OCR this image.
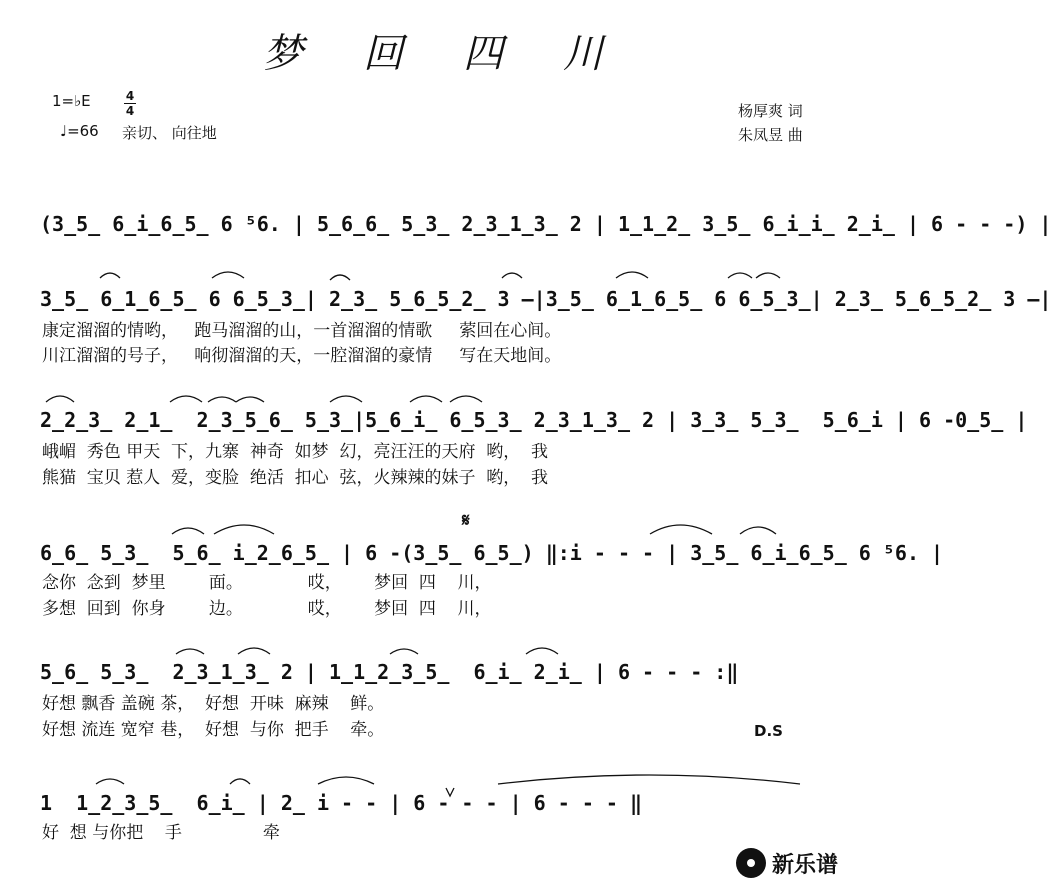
梦 回 四 川
1=♭E	4
4
♩=66 亲切、 向往地
杨厚爽 词
朱凤昱 曲
(3̲5̲ 6̲i̲6̲5̲ 6 ⁵6. | 5̲6̲6̲ 5̲3̲ 2̲3̲1̲3̲ 2 | 1̲1̲2̲ 3̲5̲ 6̲i̲i̲ 2̲i̲ | 6 - - -) |
3̲5̲ 6̲1̲6̲5̲ 6 6̲5̲3̲| 2̲3̲ 5̲6̲5̲2̲ 3 ‒|3̲5̲ 6̲1̲6̲5̲ 6 6̲5̲3̲| 2̲3̲ 5̲6̲5̲2̲ 3 ‒|
康定溜溜的情哟，   跑马溜溜的山，一首溜溜的情歌     萦回在心间。
川江溜溜的号子，   响彻溜溜的天，一腔溜溜的豪情     写在天地间。
2̲2̲3̲ 2̲1̲  2̲3̲5̲6̲ 5̲3̲|5̲6̲i̲ 6̲5̲3̲ 2̲3̲1̲3̲ 2 | 3̲3̲ 5̲3̲  5̲6̲i | 6 -0̲5̲ |
峨嵋  秀色 甲天  下，九寨  神奇  如梦  幻，亮汪汪的天府  哟，  我
熊猫  宝贝 惹人  爱，变脸  绝活  扣心  弦，火辣辣的妹子  哟，  我
6̲6̲ 5̲3̲  5̲6̲ i̲2̲6̲5̲ | 6 -(3̲5̲ 6̲5̲) ‖:i - - - | 3̲5̲ 6̲i̲6̲5̲ 6 ⁵6. |
念你  念到  梦里        面。            哎，      梦回  四    川，
多想  回到  你身        边。            哎，      梦回  四    川，
𝄋
5̲6̲ 5̲3̲  2̲3̲1̲3̲ 2 | 1̲1̲2̲3̲5̲  6̲i̲ 2̲i̲ | 6 - - - :‖
好想 飘香 盖碗 茶，  好想  开味  麻辣    鲜。
好想 流连 宽窄 巷，  好想  与你  把手    牵。	D.S
1  1̲2̲3̲5̲  6̲i̲ | 2̲ i - - | 6 - - - | 6 - - - ‖
好  想 与你把    手               牵
新乐谱
